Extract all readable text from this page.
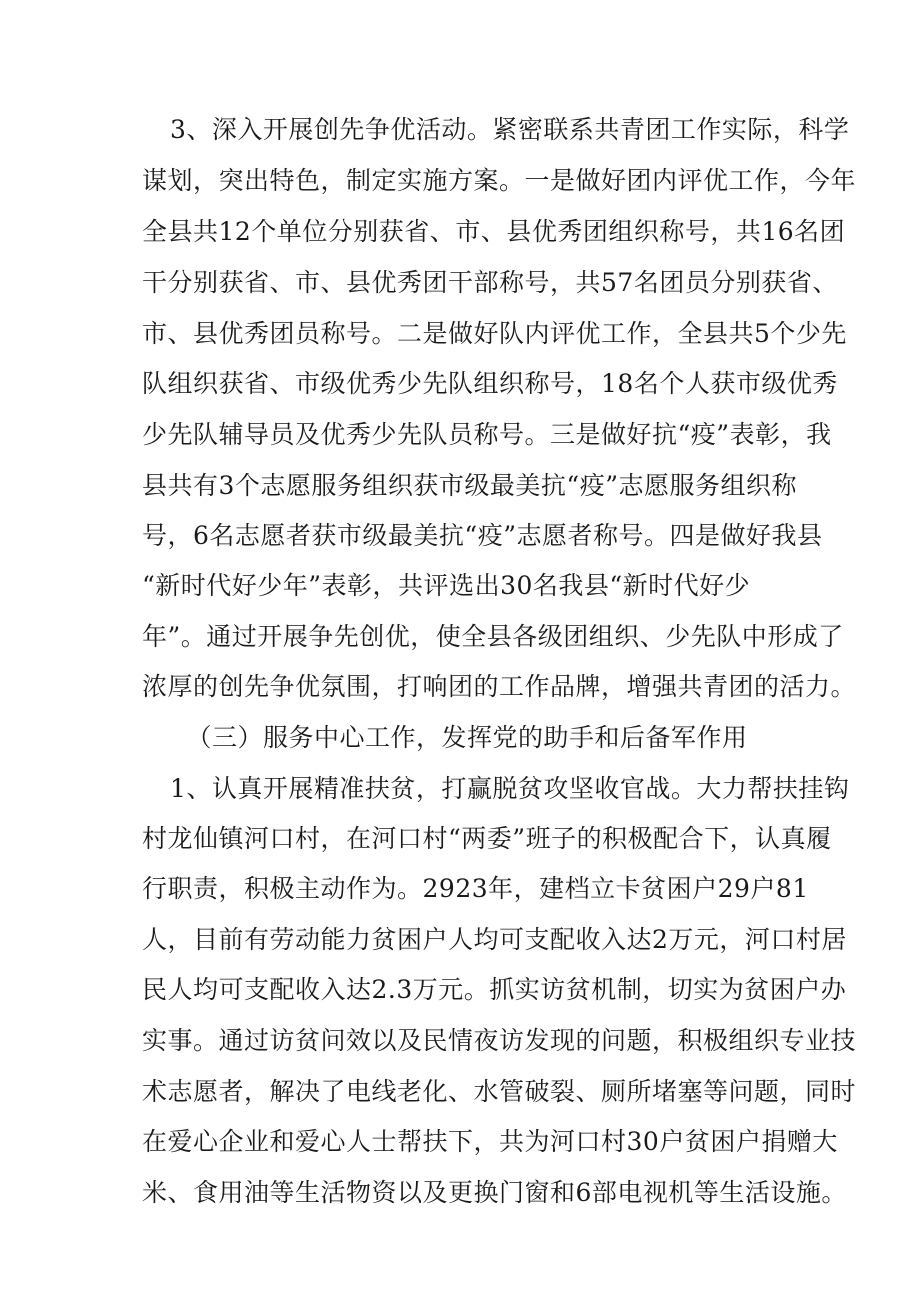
3、深入开展创先争优活动。紧密联系共青团工作实际，科学
谋划，突出特色，制定实施方案。一是做好团内评优工作，今年
全县共12个单位分别获省、市、县优秀团组织称号，共16名团
干分别获省、市、县优秀团干部称号，共57名团员分别获省、
市、县优秀团员称号。二是做好队内评优工作，全县共5个少先
队组织获省、市级优秀少先队组织称号，18名个人获市级优秀
少先队辅导员及优秀少先队员称号。三是做好抗“疫”表彰，我
县共有3个志愿服务组织获市级最美抗“疫”志愿服务组织称
号，6名志愿者获市级最美抗“疫”志愿者称号。四是做好我县
“新时代好少年”表彰，共评选出30名我县“新时代好少
年”。通过开展争先创优，使全县各级团组织、少先队中形成了
浓厚的创先争优氛围，打响团的工作品牌，增强共青团的活力。
（三）服务中心工作，发挥党的助手和后备军作用
1、认真开展精准扶贫，打赢脱贫攻坚收官战。大力帮扶挂钩
村龙仙镇河口村，在河口村“两委”班子的积极配合下，认真履
行职责，积极主动作为。2923年，建档立卡贫困户29户81
人，目前有劳动能力贫困户人均可支配收入达2万元，河口村居
民人均可支配收入达2.3万元。抓实访贫机制，切实为贫困户办
实事。通过访贫问效以及民情夜访发现的问题，积极组织专业技
术志愿者，解决了电线老化、水管破裂、厕所堵塞等问题，同时
在爱心企业和爱心人士帮扶下，共为河口村30户贫困户捐赠大
米、食用油等生活物资以及更换门窗和6部电视机等生活设施。
